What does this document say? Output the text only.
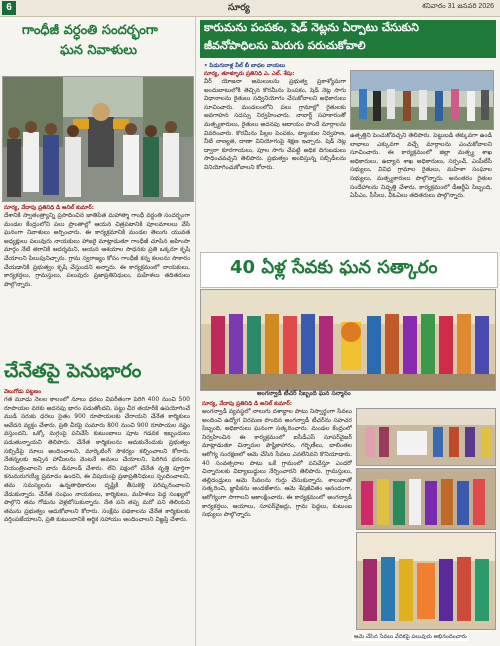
6	సూర్య	శనివారం 31 జనవరి 2026
గాంధీజీ వర్ధంతి సందర్భంగా
ఘన నివాళులు
సూర్య, వేదాపు ప్రతినిధి డి అనిల్ కుమార్:
దేశానికి స్వాతంత్ర్యాన్ని ప్రసాదించిన జాతిపిత మహాత్మా గాంధీ వర్ధంతి సందర్భంగా మండల కేంద్రంలోని పలు ప్రాంతాల్లో ఆయన చిత్రపటానికి పూలమాలలు వేసి ఘనంగా నివాళులు అర్పించారు. ఈ కార్యక్రమానికి మండల తెలుగు యువత అధ్యక్షులు పలువురు నాయకులు హాజరై మాట్లాడుతూ గాంధీజీ చూపిన అహింసా మార్గం నేటి తరానికి ఆదర్శమని, ఆయన ఆశయాల సాధనకు ప్రతి ఒక్కరూ కృషి చేయాలని పిలుపునిచ్చారు. గ్రామ స్వరాజ్యం కోసం గాంధీజీ కన్న కలలను సాకారం చేయడానికి ప్రభుత్వం కృషి చేస్తుందని అన్నారు. ఈ కార్యక్రమంలో నాయకులు, కార్యకర్తలు, గ్రామస్తులు, పలువురు ప్రజాప్రతినిధులు, మహిళలు తదితరులు పాల్గొన్నారు.
చేనేతపై పెనుభారం
వెలుగోడు పట్టణం
గత మూడు నెలల కాలంలో నూలు ధరలు విపరీతంగా పెరిగి 400 నుంచి 500 రూపాయల వరకు అదనపు భారం పడుతోందని, పట్టు చీర తయారీకి ఉపయోగించే ముడి సరుకు ధరలు సైతం 900 రూపాయలకు చేరాయని చేనేత కార్మికులు ఆవేదన వ్యక్తం చేశారు. ప్రతి చీరపై సుమారు 800 నుంచి 900 రూపాయల నష్టం వస్తుందని, ఒక్కో మగ్గంపై పనిచేసే కుటుంబాలు పూట గడవక ఇబ్బందులు పడుతున్నాయని తెలిపారు. చేనేత కార్మికులను ఆదుకునేందుకు ప్రభుత్వం సబ్సిడీపై నూలు అందించాలని, మార్కెటింగ్ సౌకర్యం కల్పించాలని కోరారు. నేతన్నలకు ఇచ్చిన హామీలను వెంటనే అమలు చేయాలని, పెరిగిన ధరలను నియంత్రించాలని వారు డిమాండ్ చేశారు. లేని పక్షంలో చేనేత వృత్తి పూర్తిగా కనుమరుగయ్యే ప్రమాదం ఉందని, ఈ విషయంపై ప్రజాప్రతినిధులు స్పందించాలని, తమ సమస్యలను ఉన్నతాధికారుల దృష్టికి తీసుకెళ్లి పరిష్కరించాలని వేడుకున్నారు. చేనేత సంఘం నాయకులు, కార్మికులు, మహిళలు పెద్ద సంఖ్యలో పాల్గొని తమ గోడును వెళ్లబోసుకున్నారు. నేత పని తప్ప మరో పని తెలియని తమను ప్రభుత్వం ఆదుకోవాలని కోరారు. సంక్షేమ పథకాలను చేనేత కార్మికులకు వర్తింపజేయాలని, ప్రతి కుటుంబానికి ఆర్థిక సహాయం అందించాలని విజ్ఞప్తి చేశారు.
కారుమను పంపకం, షెడ్ నెట్లను ఏర్పాటు చేసుకుని
జీవనోపాధిలను మెరుగు పరుచుకోవాలి
• పిడుగురాళ్ల వీల్ బీ బాధల వాయలు
సూర్య, తూళ్ళూరు ప్రతినిధి ఎ. ఎల్. శేషు:
వీర్ యోజనా అమలులను ప్రభుత్వ ప్రకాశ్యోమగా అందుబాటులోకి తెచ్చిన కొరమీను పెంపకం, షెడ్ నెట్ల సాగు విధానాలను రైతులు సద్వినియోగం చేసుకోవాలని అధికారులు సూచించారు. మండలంలోని పలు గ్రామాల్లో రైతులకు అవగాహన సదస్సు నిర్వహించారు. నాబార్డ్ సహకారంతో మత్స్యకారులు, రైతులు అదనపు ఆదాయం పొందే మార్గాలను వివరించారు. కొరమీను పిల్లల పెంపకం, ట్యాంకుల నిర్వహణ, నీటి నాణ్యత, దాణా వినియోగంపై శిక్షణ ఇచ్చారు. షెడ్ నెట్ల ద్వారా కూరగాయలు, పూల సాగు చేపట్టి అధిక దిగుబడులు సాధించవచ్చని తెలిపారు. ప్రభుత్వం అందిస్తున్న సబ్సిడీలను వినియోగించుకోవాలని కోరారు.
ఉత్పత్తిని పెంచుకోవచ్చని తెలిపారు. పెట్టుబడి తక్కువగా ఉండి లాభాలు ఎక్కువగా వచ్చే మార్గాలను ఎంచుకోవాలని సూచించారు. ఈ కార్యక్రమంలో జిల్లా మత్స్య శాఖ అధికారులు, ఉద్యాన శాఖ అధికారులు, సర్పంచ్, ఎంపీటీసీ సభ్యులు, వివిధ గ్రామాల రైతులు, మహిళా సంఘాల సభ్యులు, మత్స్యకారులు పాల్గొన్నారు. అనంతరం రైతుల సందేహాలను నివృత్తి చేశారు. కార్యక్రమంలో డీఆర్డీఏ సిబ్బంది, ఏపీఎం, సీసీలు, వీఓఏలు తదితరులు పాల్గొన్నారు.
40 ఏళ్ల సేవకు ఘన సత్కారం
అంగన్వాడీ టీచర్ సిబ్బంది ఘన సన్మానం
సూర్య, వేదాపు ప్రతినిధి డి అనిల్ కుమార్:
అంగన్వాడీ వ్యవస్థలో నాలుగు దశాబ్దాల పాటు నిస్వార్థంగా సేవలు అందించి ఉద్యోగ విరమణ పొందిన అంగన్వాడీ టీచర్‌ను సహచర సిబ్బంది, అధికారులు ఘనంగా సత్కరించారు. మండల కేంద్రంలో నిర్వహించిన ఈ కార్యక్రమంలో ఐసీడీఎస్ సూపర్‌వైజర్ మాట్లాడుతూ చిన్నారుల పౌష్టికాహారం, గర్భిణీలు, బాలింతల ఆరోగ్య సంరక్షణలో ఆమె చేసిన సేవలు ఎనలేనివని కొనియాడారు. 40 సంవత్సరాల పాటు ఒకే గ్రామంలో పనిచేస్తూ ఎందరో చిన్నారులకు విద్యాబుద్ధులు నేర్పించారని తెలిపారు. గ్రామస్తులు, తల్లిదండ్రులు ఆమె సేవలను గుర్తు చేసుకున్నారు. శాలువాతో సత్కరించి, జ్ఞాపికను అందజేశారు. ఆమె శేషజీవితం ఆనందంగా, ఆరోగ్యంగా సాగాలని ఆకాంక్షించారు. ఈ కార్యక్రమంలో అంగన్వాడీ కార్యకర్తలు, ఆయాలు, సూపర్‌వైజర్లు, గ్రామ పెద్దలు, కుటుంబ సభ్యులు పాల్గొన్నారు.
ఆమె చేసిన సేవలు వేదికపై పలువురు అభినందించారు
